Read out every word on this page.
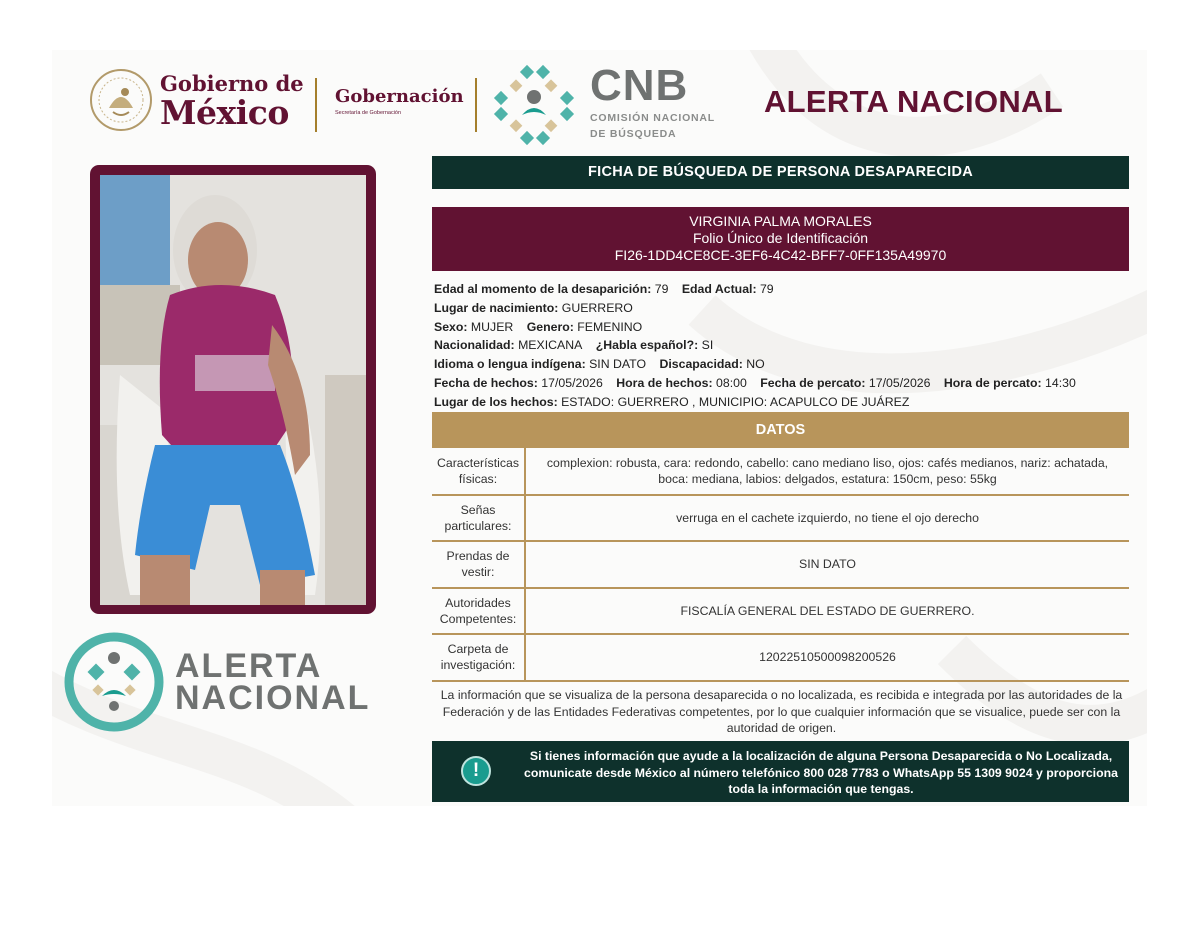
Gobierno de
México	Gobernación
Secretaría de Gobernación
CNB
COMISIÓN NACIONAL
DE BÚSQUEDA
ALERTA NACIONAL
ALERTA
NACIONAL
FICHA DE BÚSQUEDA DE PERSONA DESAPARECIDA
VIRGINIA PALMA MORALES
Folio Único de Identificación
FI26-1DD4CE8CE-3EF6-4C42-BFF7-0FF135A49970
Edad al momento de la desaparición: 79 Edad Actual: 79
Lugar de nacimiento: GUERRERO
Sexo: MUJER Genero: FEMENINO
Nacionalidad: MEXICANA ¿Habla español?: SI
Idioma o lengua indígena: SIN DATO Discapacidad: NO
Fecha de hechos: 17/05/2026 Hora de hechos: 08:00 Fecha de percato: 17/05/2026 Hora de percato: 14:30
Lugar de los hechos: ESTADO: GUERRERO , MUNICIPIO: ACAPULCO DE JUÁREZ
DATOS
Características físicas:	complexion: robusta, cara: redondo, cabello: cano mediano liso, ojos: cafés medianos, nariz: achatada, boca: mediana, labios: delgados, estatura: 150cm, peso: 55kg
Señas particulares:	verruga en el cachete izquierdo, no tiene el ojo derecho
Prendas de vestir:	SIN DATO
Autoridades Competentes:	FISCALÍA GENERAL DEL ESTADO DE GUERRERO.
Carpeta de investigación:	12022510500098200526
La información que se visualiza de la persona desaparecida o no localizada, es recibida e integrada por las autoridades de la Federación y de las Entidades Federativas competentes, por lo que cualquier información que se visualice, puede ser con la autoridad de origen.
!
Si tienes información que ayude a la localización de alguna Persona Desaparecida o No Localizada, comunicate desde México al número telefónico 800 028 7783 o WhatsApp 55 1309 9024 y proporciona toda la información que tengas.
